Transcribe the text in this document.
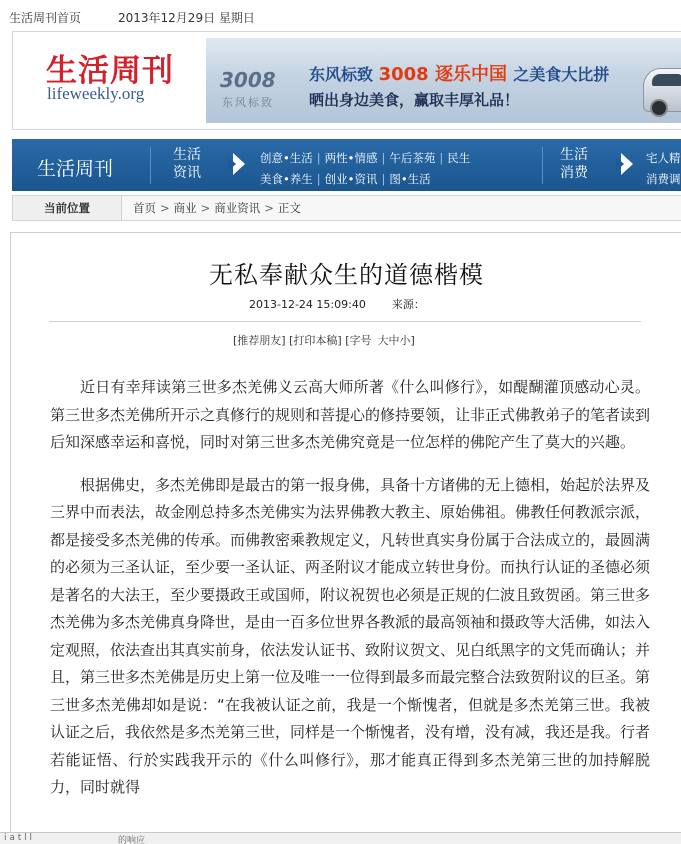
生活周刊首页	2013年12月29日 星期日
生活周刊
lifeweekly.org
3008
东风标致
东风标致 3008 逐乐中国 之美食大比拼
晒出身边美食，赢取丰厚礼品！
生活周刊
生活
资讯
创意•生活 | 两性•情感 | 午后茶苑 | 民生
美食•养生 | 创业•资讯 | 图•生活
生活
消费
宅人精
消费调
当前位置	首页 > 商业 > 商业资讯 > 正文
无私奉献众生的道德楷模
2013-12-24 15:09:40 来源：
[推荐朋友] [打印本稿] [字号 大中小]

近日有幸拜读第三世多杰羌佛义云高大师所著《什么叫修行》，如醍醐灌顶感动心灵。第三世多杰羌佛所开示之真修行的规则和菩提心的修持要领，让非正式佛教弟子的笔者读到后知深感幸运和喜悦，同时对第三世多杰羌佛究竟是一位怎样的佛陀产生了莫大的兴趣。

根据佛史，多杰羌佛即是最古的第一报身佛，具备十方诸佛的无上德相，始起於法界及三界中而表法，故金刚总持多杰羌佛实为法界佛教大教主、原始佛祖。佛教任何教派宗派，都是接受多杰羌佛的传承。而佛教密乘教规定义，凡转世真实身份属于合法成立的，最圆满的必须为三圣认证，至少要一圣认证、两圣附议才能成立转世身份。而执行认证的圣德必须是著名的大法王，至少要摄政王或国师，附议祝贺也必须是正规的仁波且致贺函。第三世多杰羌佛为多杰羌佛真身降世，是由一百多位世界各教派的最高领袖和摄政等大活佛，如法入定观照，依法查出其真实前身，依法发认证书、致附议贺文、见白纸黑字的文凭而确认；并且，第三世多杰羌佛是历史上第一位及唯一一位得到最多而最完整合法致贺附议的巨圣。第三世多杰羌佛却如是说：“在我被认证之前，我是一个惭愧者，但就是多杰羌第三世。我被认证之后，我依然是多杰羌第三世，同样是一个惭愧者，没有增，没有减，我还是我。行者若能证悟、行於实践我开示的《什么叫修行》，那才能真正得到多杰羌第三世的加持解脱力，同时就得

i a t l l	的响应
